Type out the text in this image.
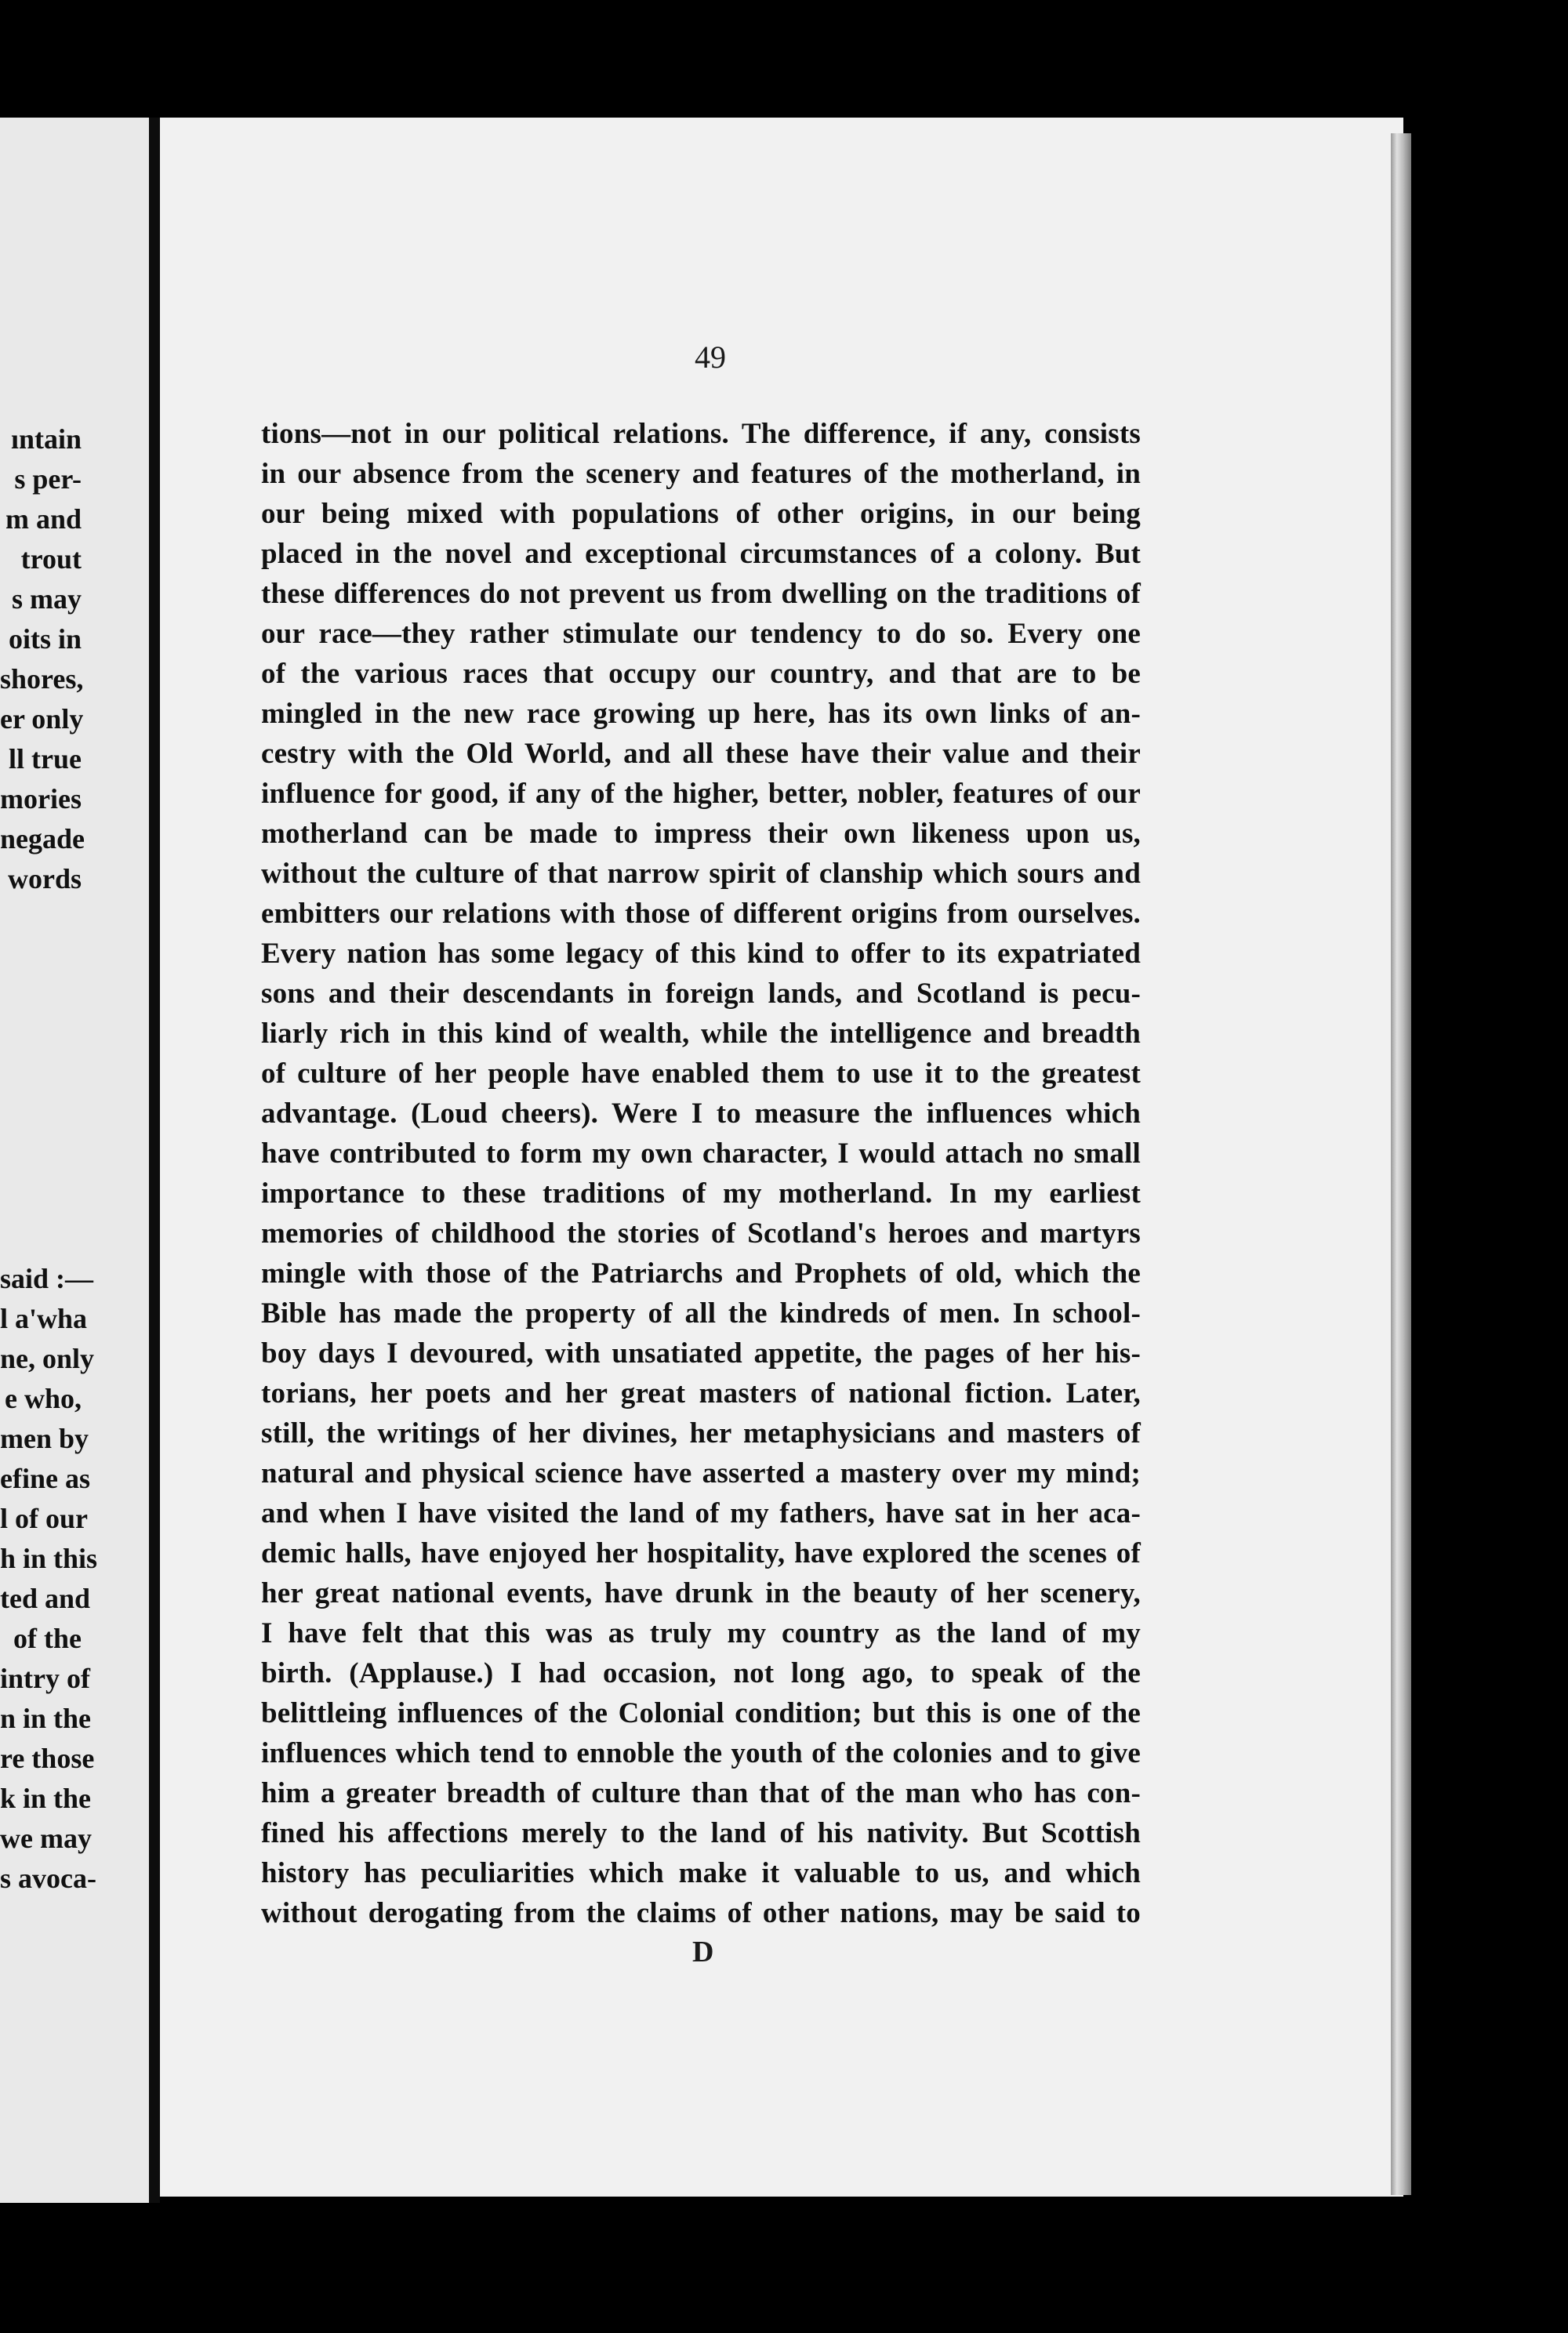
ıntain
s per-
m and
trout
s may
oits in
shores,
er only
ll true
mories
negade
words
said :—
l a'wha
ne, only
e who,
men by
efine as
l of our
h in this
ted and
of the
intry of
n in the
re those
k in the
we may
s avoca-
49
tions—not in our political relations. The difference, if any, consists
in our absence from the scenery and features of the motherland, in
our being mixed with populations of other origins, in our being
placed in the novel and exceptional circumstances of a colony. But
these differences do not prevent us from dwelling on the traditions of
our race—they rather stimulate our tendency to do so. Every one
of the various races that occupy our country, and that are to be
mingled in the new race growing up here, has its own links of an-
cestry with the Old World, and all these have their value and their
influence for good, if any of the higher, better, nobler, features of our
motherland can be made to impress their own likeness upon us,
without the culture of that narrow spirit of clanship which sours and
embitters our relations with those of different origins from ourselves.
Every nation has some legacy of this kind to offer to its expatriated
sons and their descendants in foreign lands, and Scotland is pecu-
liarly rich in this kind of wealth, while the intelligence and breadth
of culture of her people have enabled them to use it to the greatest
advantage. (Loud cheers). Were I to measure the influences which
have contributed to form my own character, I would attach no small
importance to these traditions of my motherland. In my earliest
memories of childhood the stories of Scotland's heroes and martyrs
mingle with those of the Patriarchs and Prophets of old, which the
Bible has made the property of all the kindreds of men. In school-
boy days I devoured, with unsatiated appetite, the pages of her his-
torians, her poets and her great masters of national fiction. Later,
still, the writings of her divines, her metaphysicians and masters of
natural and physical science have asserted a mastery over my mind;
and when I have visited the land of my fathers, have sat in her aca-
demic halls, have enjoyed her hospitality, have explored the scenes of
her great national events, have drunk in the beauty of her scenery,
I have felt that this was as truly my country as the land of my
birth. (Applause.) I had occasion, not long ago, to speak of the
belittleing influences of the Colonial condition; but this is one of the
influences which tend to ennoble the youth of the colonies and to give
him a greater breadth of culture than that of the man who has con-
fined his affections merely to the land of his nativity. But Scottish
history has peculiarities which make it valuable to us, and which
without derogating from the claims of other nations, may be said to
D
